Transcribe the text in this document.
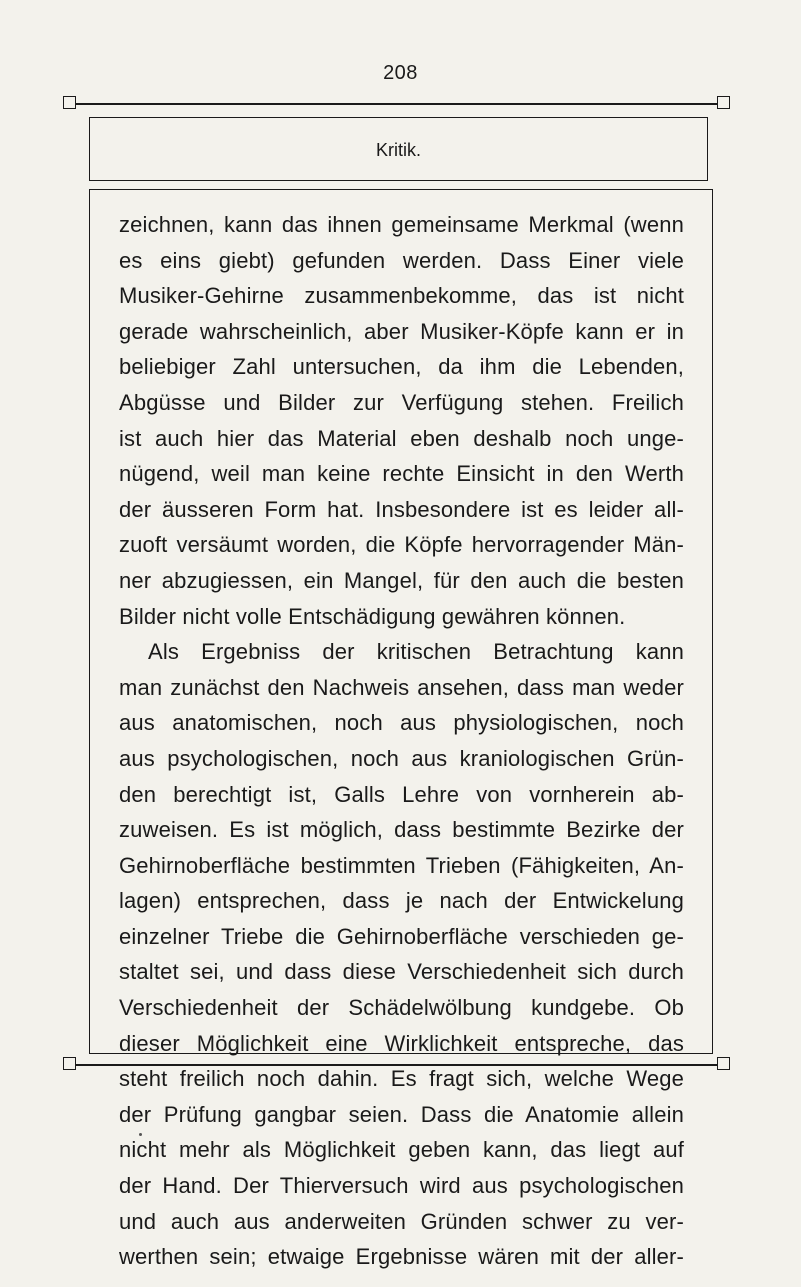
208
Kritik.
zeichnen, kann das ihnen gemeinsame Merkmal (wenn
es eins giebt) gefunden werden. Dass Einer viele
Musiker-Gehirne zusammenbekomme, das ist nicht
gerade wahrscheinlich, aber Musiker-Köpfe kann er in
beliebiger Zahl untersuchen, da ihm die Lebenden,
Abgüsse und Bilder zur Verfügung stehen. Freilich
ist auch hier das Material eben deshalb noch unge-
nügend, weil man keine rechte Einsicht in den Werth
der äusseren Form hat. Insbesondere ist es leider all-
zuoft versäumt worden, die Köpfe hervorragender Män-
ner abzugiessen, ein Mangel, für den auch die besten
Bilder nicht volle Entschädigung gewähren können.
Als Ergebniss der kritischen Betrachtung kann
man zunächst den Nachweis ansehen, dass man weder
aus anatomischen, noch aus physiologischen, noch
aus psychologischen, noch aus kraniologischen Grün-
den berechtigt ist, Galls Lehre von vornherein ab-
zuweisen. Es ist möglich, dass bestimmte Bezirke der
Gehirnoberfläche bestimmten Trieben (Fähigkeiten, An-
lagen) entsprechen, dass je nach der Entwickelung
einzelner Triebe die Gehirnoberfläche verschieden ge-
staltet sei, und dass diese Verschiedenheit sich durch
Verschiedenheit der Schädelwölbung kundgebe. Ob
dieser Möglichkeit eine Wirklichkeit entspreche, das
steht freilich noch dahin. Es fragt sich, welche Wege
der Prüfung gangbar seien. Dass die Anatomie allein
nicht mehr als Möglichkeit geben kann, das liegt auf
der Hand. Der Thierversuch wird aus psychologischen
und auch aus anderweiten Gründen schwer zu ver-
werthen sein; etwaige Ergebnisse wären mit der aller-
